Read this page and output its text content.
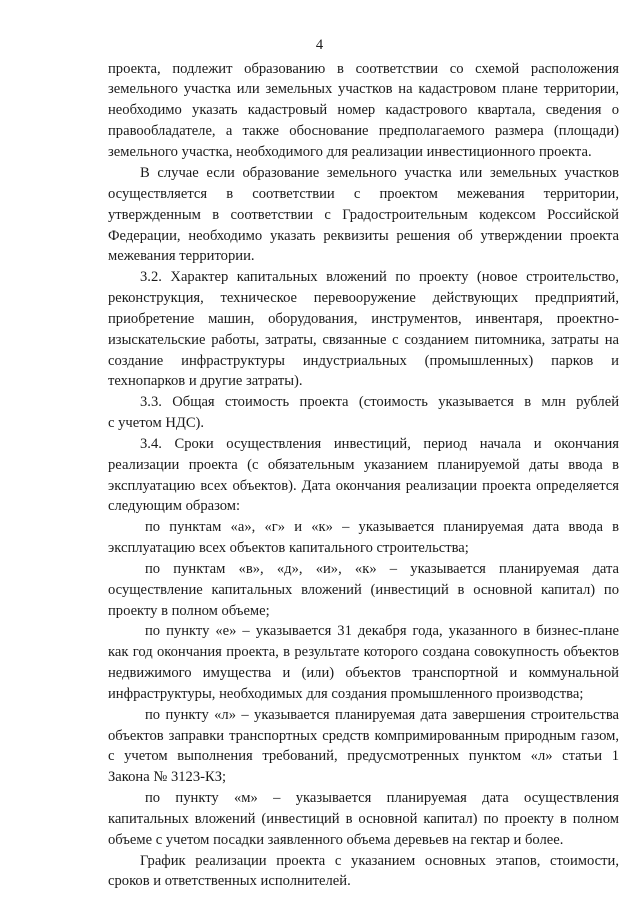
4
проекта, подлежит образованию в соответствии со схемой расположения
земельного участка или земельных участков на кадастровом плане территории,
необходимо указать кадастровый номер кадастрового квартала, сведения о
правообладателе, а также обоснование предполагаемого размера (площади)
земельного участка, необходимого для реализации инвестиционного проекта.
В случае если образование земельного участка или земельных участков
осуществляется в соответствии с проектом межевания территории,
утвержденным в соответствии с Градостроительным кодексом Российской
Федерации, необходимо указать реквизиты решения об утверждении проекта
межевания территории.
3.2. Характер капитальных вложений по проекту (новое строительство,
реконструкция, техническое перевооружение действующих предприятий,
приобретение машин, оборудования, инструментов, инвентаря, проектно-
изыскательские работы, затраты, связанные с созданием питомника, затраты на
создание инфраструктуры индустриальных (промышленных) парков и
технопарков и другие затраты).
3.3. Общая стоимость проекта (стоимость указывается в млн рублей
с учетом НДС).
3.4. Сроки осуществления инвестиций, период начала и окончания
реализации проекта (с обязательным указанием планируемой даты ввода в
эксплуатацию всех объектов). Дата окончания реализации проекта определяется
следующим образом:
по пунктам «а», «г» и «к» – указывается планируемая дата ввода в
эксплуатацию всех объектов капитального строительства;
по пунктам «в», «д», «и», «к» – указывается планируемая дата
осуществление капитальных вложений (инвестиций в основной капитал) по
проекту в полном объеме;
по пункту «е» – указывается 31 декабря года, указанного в бизнес-плане
как год окончания проекта, в результате которого создана совокупность объектов
недвижимого имущества и (или) объектов транспортной и коммунальной
инфраструктуры, необходимых для создания промышленного производства;
по пункту «л» – указывается планируемая дата завершения строительства
объектов заправки транспортных средств компримированным природным газом,
с учетом выполнения требований, предусмотренных пунктом «л» статьи 1
Закона № 3123-КЗ;
по пункту «м» – указывается планируемая дата осуществления
капитальных вложений (инвестиций в основной капитал) по проекту в полном
объеме с учетом посадки заявленного объема деревьев на гектар и более.
График реализации проекта с указанием основных этапов, стоимости,
сроков и ответственных исполнителей.
